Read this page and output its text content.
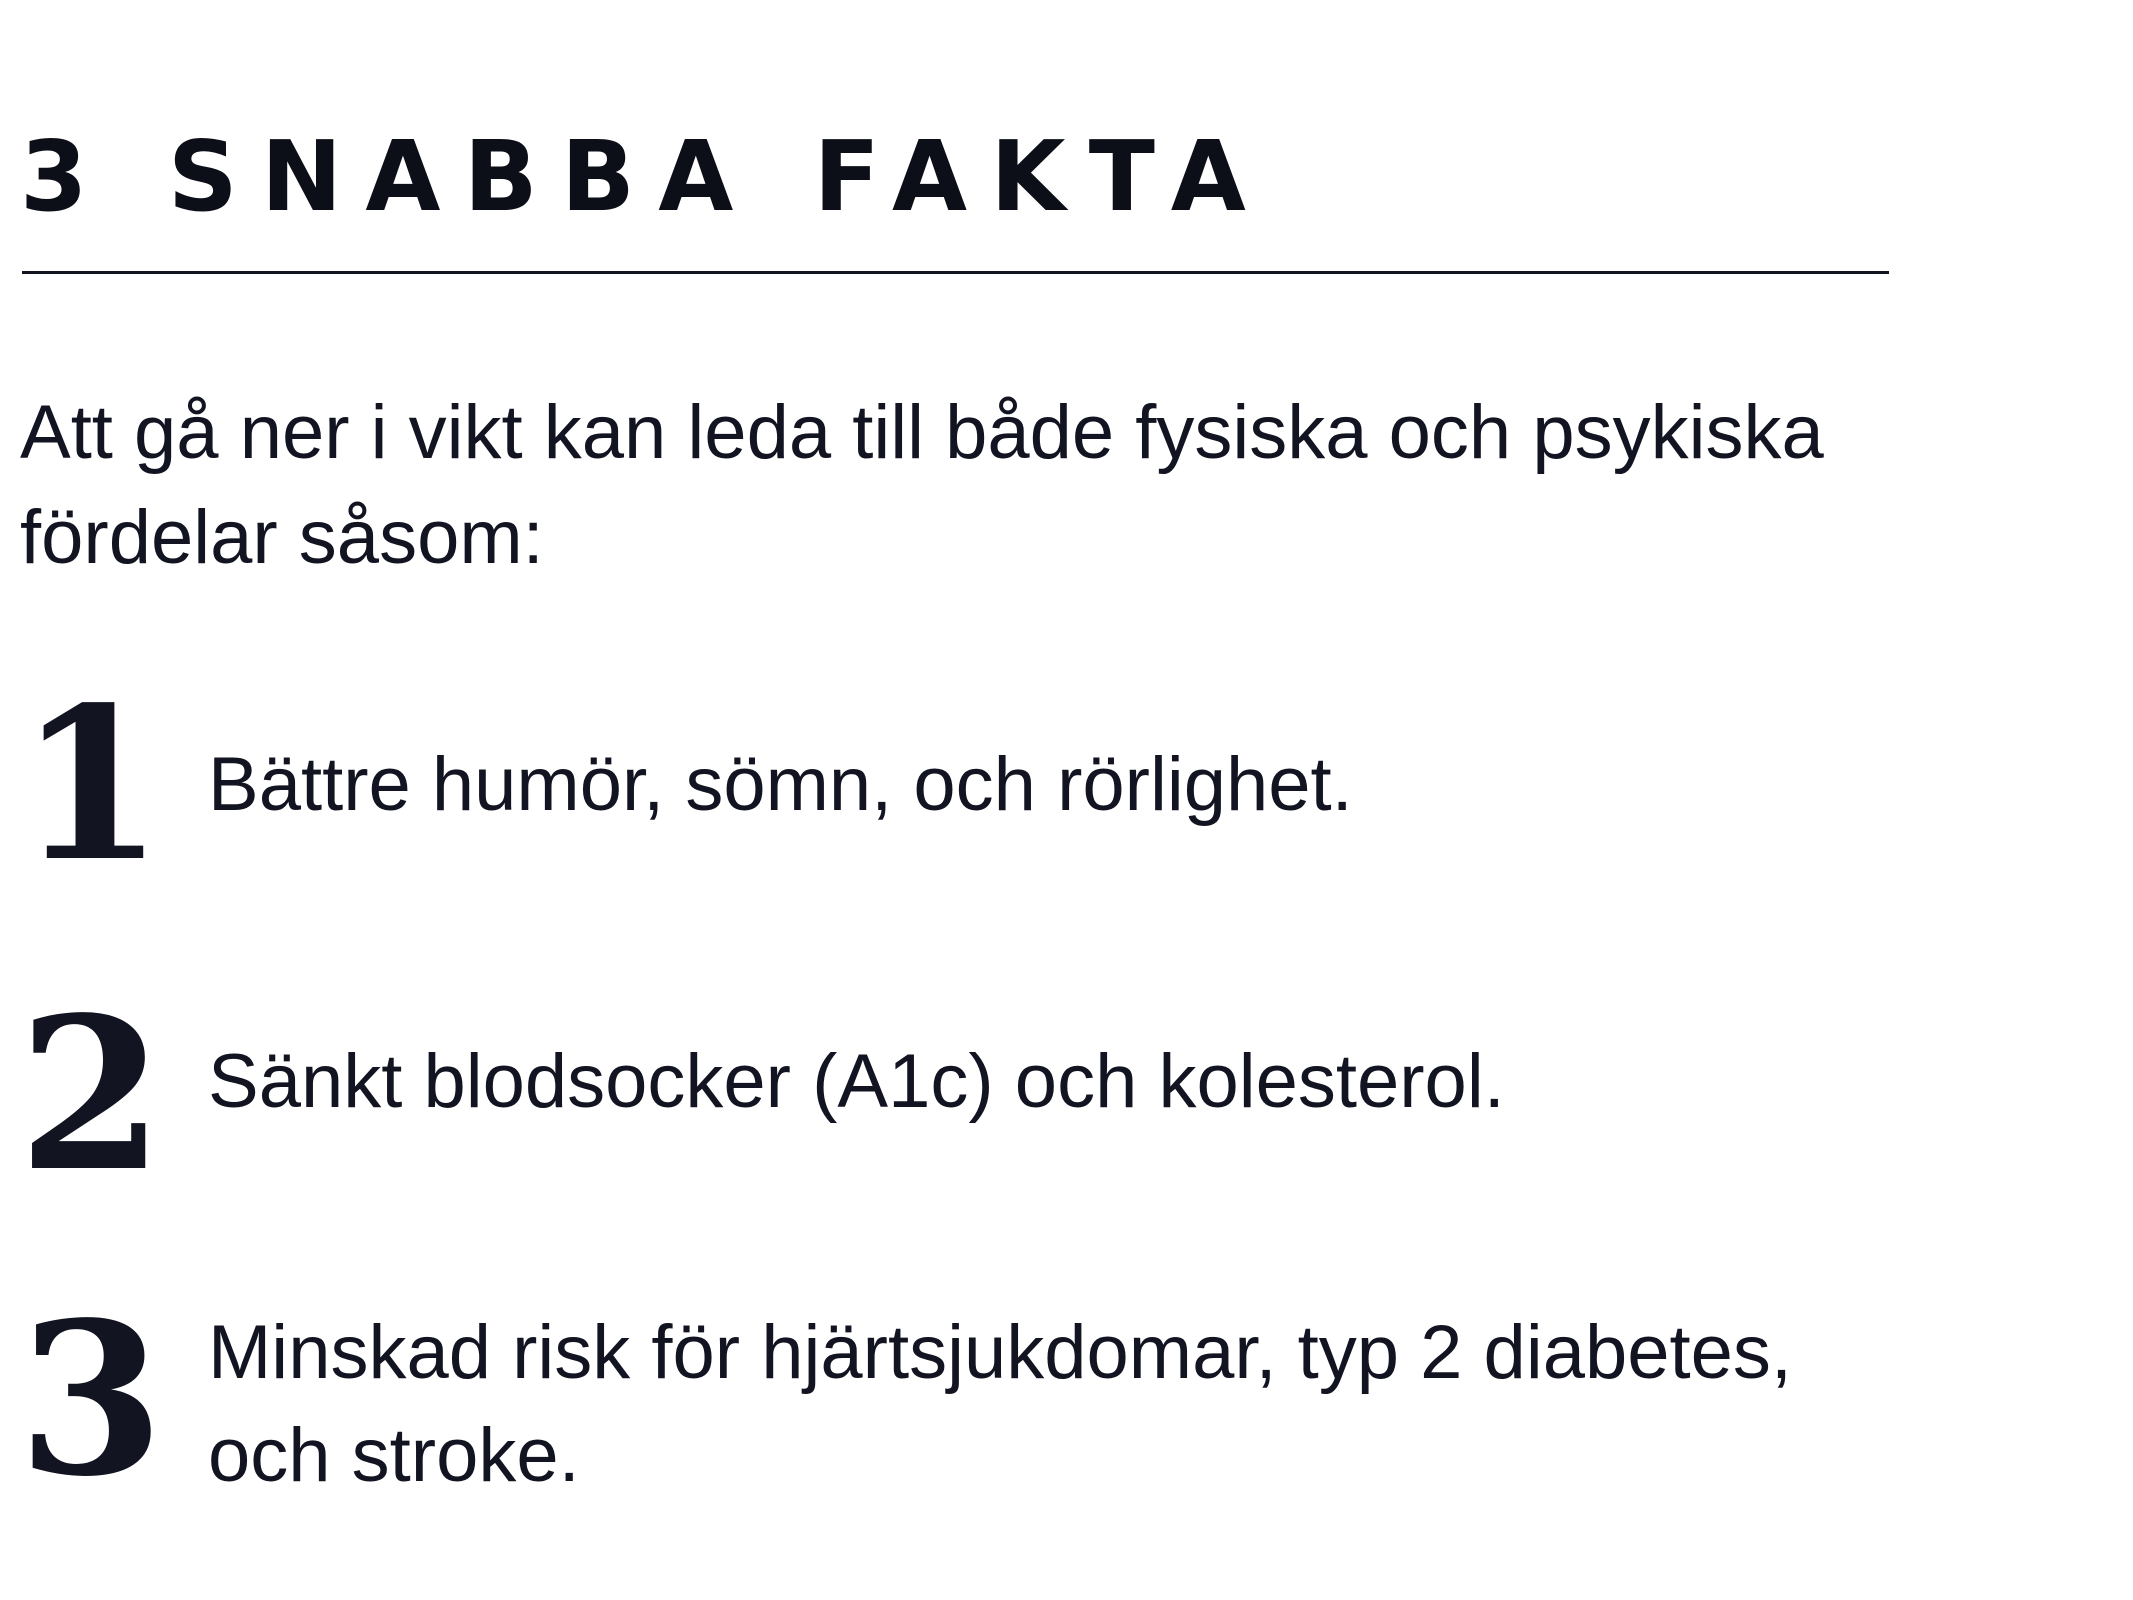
3 SNABBA FAKTA

Att gå ner i vikt kan leda till både fysiska och psykiska
fördelar såsom:

1 Bättre humör, sömn, och rörlighet.

2 Sänkt blodsocker (A1c) och kolesterol.

3 Minskad risk för hjärtsjukdomar, typ 2 diabetes,
och stroke.
